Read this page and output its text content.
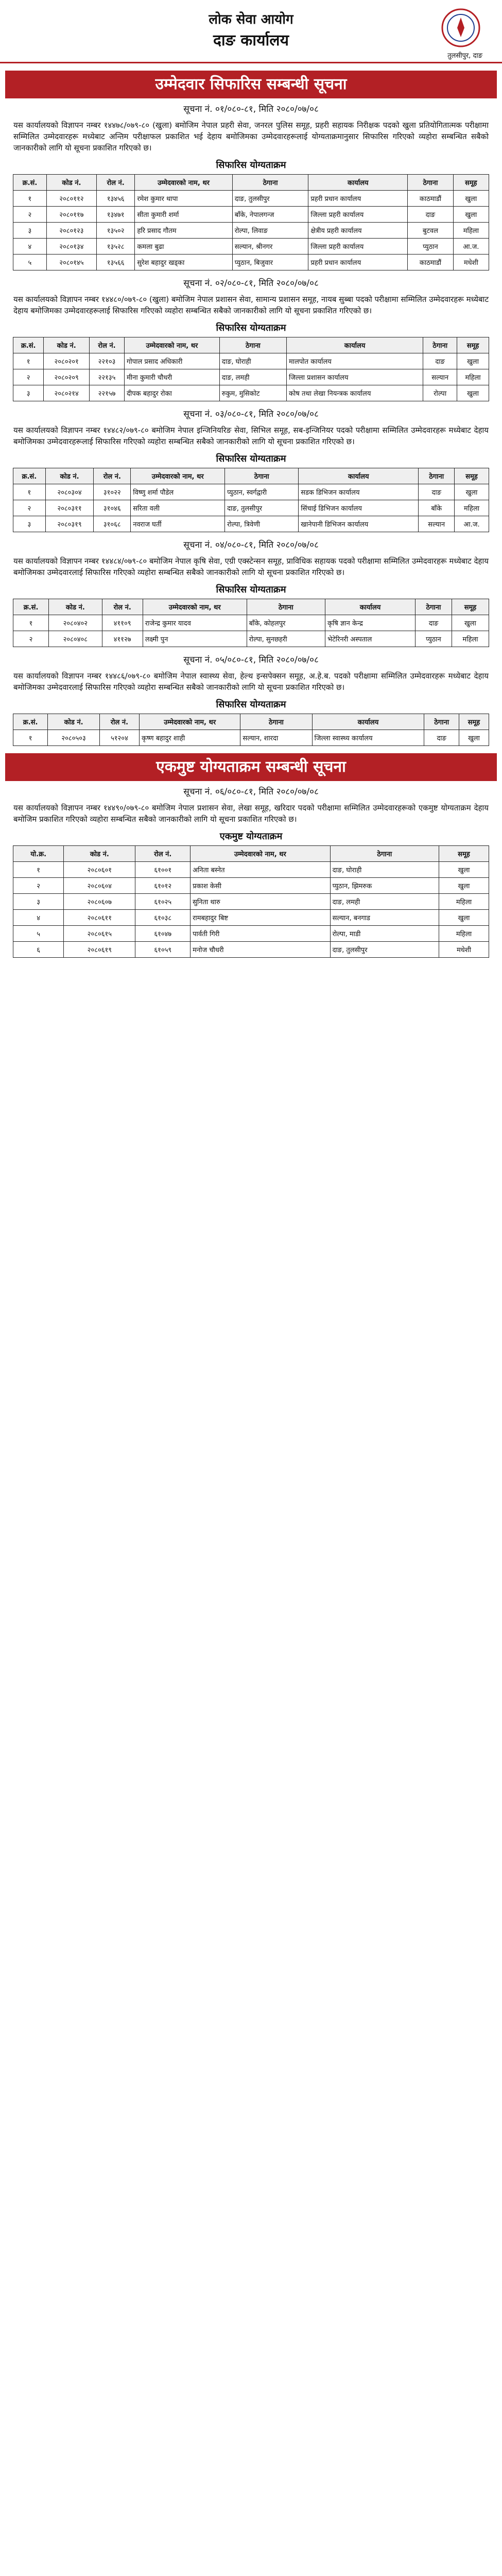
लोक सेवा आयोग
दाङ कार्यालय
तुलसीपुर, दाङ
उम्मेदवार सिफारिस सम्बन्धी सूचना
सूचना नं. ०१/०८०-८१, मिति २०८०/०७/०८
यस कार्यालयको विज्ञापन नम्बर १४४७८/०७९-८० (खुला) बमोजिम नेपाल प्रहरी सेवा, जनरल पुलिस समूह, प्रहरी सहायक निरीक्षक पदको खुला प्रतियोगितात्मक परीक्षामा सम्मिलित उम्मेदवारहरू मध्येबाट अन्तिम परीक्षाफल प्रकाशित भई देहाय बमोजिमका उम्मेदवारहरूलाई योग्यताक्रमानुसार सिफारिस गरिएको व्यहोरा सम्बन्धित सबैको जानकारीको लागि यो सूचना प्रकाशित गरिएको छ।
सिफारिस योग्यताक्रम
क्र.सं.	कोड नं.	रोल नं.	उम्मेदवारको नाम, थर	ठेगाना	कार्यालय	ठेगाना	समूह
१	२०८०११२	१३४५६	रमेश कुमार थापा	दाङ, तुलसीपुर	प्रहरी प्रधान कार्यालय	काठमाडौं	खुला
२	२०८०११७	१३४७१	सीता कुमारी शर्मा	बाँके, नेपालगन्ज	जिल्ला प्रहरी कार्यालय	दाङ	खुला
३	२०८०१२३	१३५०२	हरि प्रसाद गौतम	रोल्पा, लिवाङ	क्षेत्रीय प्रहरी कार्यालय	बुटवल	महिला
४	२०८०१३४	१३५२८	कमला बुढा	सल्यान, श्रीनगर	जिल्ला प्रहरी कार्यालय	प्युठान	आ.ज.
५	२०८०१४५	१३५६६	सुरेश बहादुर खड्का	प्युठान, बिजुवार	प्रहरी प्रधान कार्यालय	काठमाडौं	मधेशी
सूचना नं. ०२/०८०-८१, मिति २०८०/०७/०८
यस कार्यालयको विज्ञापन नम्बर १४४८०/०७९-८० (खुला) बमोजिम नेपाल प्रशासन सेवा, सामान्य प्रशासन समूह, नायब सुब्बा पदको परीक्षामा सम्मिलित उम्मेदवारहरू मध्येबाट देहाय बमोजिमका उम्मेदवारहरूलाई सिफारिस गरिएको व्यहोरा सम्बन्धित सबैको जानकारीको लागि यो सूचना प्रकाशित गरिएको छ।
सिफारिस योग्यताक्रम
क्र.सं.	कोड नं.	रोल नं.	उम्मेदवारको नाम, थर	ठेगाना	कार्यालय	ठेगाना	समूह
१	२०८०२०१	२२१०३	गोपाल प्रसाद अधिकारी	दाङ, घोराही	मालपोत कार्यालय	दाङ	खुला
२	२०८०२०९	२२१३५	मीना कुमारी चौधरी	दाङ, लमही	जिल्ला प्रशासन कार्यालय	सल्यान	महिला
३	२०८०२१४	२२१५७	दीपक बहादुर रोका	रुकुम, मुसिकोट	कोष तथा लेखा नियन्त्रक कार्यालय	रोल्पा	खुला
सूचना नं. ०३/०८०-८१, मिति २०८०/०७/०८
यस कार्यालयको विज्ञापन नम्बर १४४८२/०७९-८० बमोजिम नेपाल इन्जिनियरिङ सेवा, सिभिल समूह, सब-इन्जिनियर पदको परीक्षामा सम्मिलित उम्मेदवारहरू मध्येबाट देहाय बमोजिमका उम्मेदवारहरूलाई सिफारिस गरिएको व्यहोरा सम्बन्धित सबैको जानकारीको लागि यो सूचना प्रकाशित गरिएको छ।
सिफारिस योग्यताक्रम
क्र.सं.	कोड नं.	रोल नं.	उम्मेदवारको नाम, थर	ठेगाना	कार्यालय	ठेगाना	समूह
१	२०८०३०४	३१०२२	विष्णु शर्मा पौडेल	प्युठान, स्वर्गद्वारी	सडक डिभिजन कार्यालय	दाङ	खुला
२	२०८०३११	३१०४६	सरिता वली	दाङ, तुलसीपुर	सिंचाई डिभिजन कार्यालय	बाँके	महिला
३	२०८०३१९	३१०६८	नवराज घर्ती	रोल्पा, त्रिवेणी	खानेपानी डिभिजन कार्यालय	सल्यान	आ.ज.
सूचना नं. ०४/०८०-८१, मिति २०८०/०७/०८
यस कार्यालयको विज्ञापन नम्बर १४४८४/०७९-८० बमोजिम नेपाल कृषि सेवा, एग्री एक्स्टेन्सन समूह, प्राविधिक सहायक पदको परीक्षामा सम्मिलित उम्मेदवारहरू मध्येबाट देहाय बमोजिमका उम्मेदवारलाई सिफारिस गरिएको व्यहोरा सम्बन्धित सबैको जानकारीको लागि यो सूचना प्रकाशित गरिएको छ।
सिफारिस योग्यताक्रम
क्र.सं.	कोड नं.	रोल नं.	उम्मेदवारको नाम, थर	ठेगाना	कार्यालय	ठेगाना	समूह
१	२०८०४०२	४११०९	राजेन्द्र कुमार यादव	बाँके, कोहलपुर	कृषि ज्ञान केन्द्र	दाङ	खुला
२	२०८०४०८	४११२७	लक्ष्मी पुन	रोल्पा, सुनछहरी	भेटेरिनरी अस्पताल	प्युठान	महिला
सूचना नं. ०५/०८०-८१, मिति २०८०/०७/०८
यस कार्यालयको विज्ञापन नम्बर १४४८६/०७९-८० बमोजिम नेपाल स्वास्थ्य सेवा, हेल्थ इन्सपेक्सन समूह, अ.हे.ब. पदको परीक्षामा सम्मिलित उम्मेदवारहरू मध्येबाट देहाय बमोजिमका उम्मेदवारलाई सिफारिस गरिएको व्यहोरा सम्बन्धित सबैको जानकारीको लागि यो सूचना प्रकाशित गरिएको छ।
सिफारिस योग्यताक्रम
क्र.सं.	कोड नं.	रोल नं.	उम्मेदवारको नाम, थर	ठेगाना	कार्यालय	ठेगाना	समूह
१	२०८०५०३	५१२०४	कृष्ण बहादुर शाही	सल्यान, शारदा	जिल्ला स्वास्थ्य कार्यालय	दाङ	खुला
एकमुष्ट योग्यताक्रम सम्बन्धी सूचना
सूचना नं. ०६/०८०-८१, मिति २०८०/०७/०८
यस कार्यालयको विज्ञापन नम्बर १४४९०/०७९-८० बमोजिम नेपाल प्रशासन सेवा, लेखा समूह, खरिदार पदको परीक्षामा सम्मिलित उम्मेदवारहरूको एकमुष्ट योग्यताक्रम देहाय बमोजिम प्रकाशित गरिएको व्यहोरा सम्बन्धित सबैको जानकारीको लागि यो सूचना प्रकाशित गरिएको छ।
एकमुष्ट योग्यताक्रम
यो.क्र.	कोड नं.	रोल नं.	उम्मेदवारको नाम, थर	ठेगाना	समूह
१	२०८०६०१	६१००१	अनिता बस्नेत	दाङ, घोराही	खुला
२	२०८०६०४	६१०१२	प्रकाश केसी	प्युठान, झिमरुक	खुला
३	२०८०६०७	६१०२५	सुनिता थारु	दाङ, लमही	महिला
४	२०८०६११	६१०३८	रामबहादुर बिष्ट	सल्यान, बनगाड	खुला
५	२०८०६१५	६१०४७	पार्वती गिरी	रोल्पा, माडी	महिला
६	२०८०६१९	६१०५९	मनोज चौधरी	दाङ, तुलसीपुर	मधेशी
